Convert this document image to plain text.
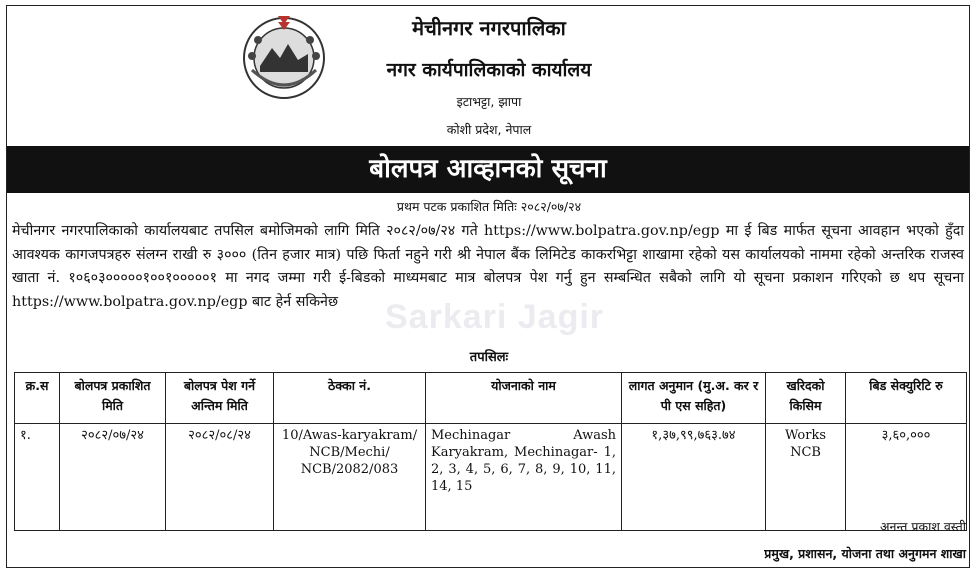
मेचीनगर नगरपालिका
नगर कार्यपालिकाको कार्यालय
इटाभट्टा, झापा
कोशी प्रदेश, नेपाल
बोलपत्र आव्हानको सूचना
प्रथम पटक प्रकाशित मितिः २०८२/०७/२४
मेचीनगर नगरपालिकाको कार्यालयबाट तपसिल बमोजिमको लागि मिति २०८२/०७/२४ गते https://www.bolpatra.gov.np/egp मा ई बिड मार्फत सूचना आवहान भएको हुँदा आवश्यक कागजपत्रहरु संलग्न राखी रु ३००० (तिन हजार मात्र) पछि फिर्ता नहुने गरी श्री नेपाल बैंक लिमिटेड काकरभिट्टा शाखामा रहेको यस कार्यालयको नाममा रहेको अन्तरिक राजस्व खाता नं. १०६०३०००००१००१०००००१ मा नगद जम्मा गरी ई-बिडको माध्यमबाट मात्र बोलपत्र पेश गर्नु हुन सम्बन्धित सबैको लागि यो सूचना प्रकाशन गरिएको छ थप सूचना https://www.bolpatra.gov.np/egp बाट हेर्न सकिनेछ	Sarkari Jagir
तपसिलः
क्र.स	बोलपत्र प्रकाशित मिति	बोलपत्र पेश गर्ने अन्तिम मिति	ठेक्का नं.	योजनाको नाम	लागत अनुमान (मु.अ. कर र पी एस सहित)	खरिदको किसिम	बिड सेक्युरिटि रु
१.	२०८२/०७/२४	२०८२/०८/२४	10/Awas-karyakram/ NCB/Mechi/ NCB/2082/083	Mechinagar Awash Karyakram, Mechinagar- 1, 2, 3, 4, 5, 6, 7, 8, 9, 10, 11, 14, 15	१,३७,९९,७६३.७४	Works NCB	३,६०,०००
अनन्त प्रकाश वस्ती
प्रमुख, प्रशासन, योजना तथा अनुगमन शाखा
